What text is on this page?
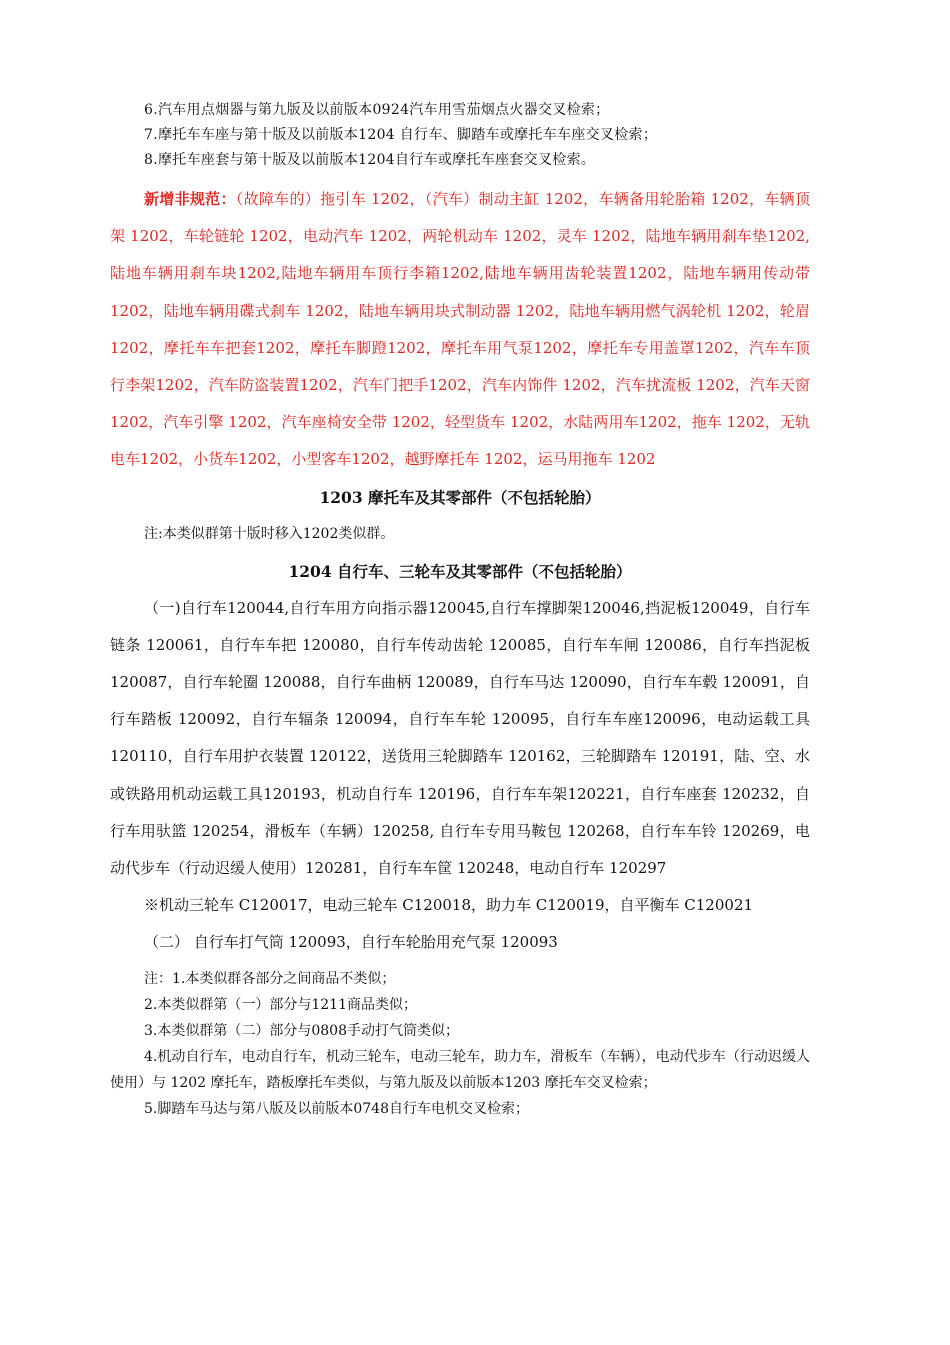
6.汽车用点烟器与第九版及以前版本0924汽车用雪茄烟点火器交叉检索；

7.摩托车车座与第十版及以前版本1204 自行车、脚踏车或摩托车车座交叉检索；

8.摩托车座套与第十版及以前版本1204自行车或摩托车座套交叉检索。

新增非规范：（故障车的）拖引车 1202，（汽车）制动主缸 1202，车辆备用轮胎箱 1202，车辆顶架 1202，车轮链轮 1202，电动汽车 1202，两轮机动车 1202，灵车 1202，陆地车辆用刹车垫1202,陆地车辆用刹车块1202,陆地车辆用车顶行李箱1202,陆地车辆用齿轮装置1202，陆地车辆用传动带 1202，陆地车辆用碟式刹车 1202，陆地车辆用块式制动器 1202，陆地车辆用燃气涡轮机 1202，轮眉 1202，摩托车车把套1202，摩托车脚蹬1202，摩托车用气泵1202，摩托车专用盖罩1202，汽车车顶行李架1202，汽车防盗装置1202，汽车门把手1202，汽车内饰件 1202，汽车扰流板 1202，汽车天窗 1202，汽车引擎 1202，汽车座椅安全带 1202，轻型货车 1202，水陆两用车1202，拖车 1202，无轨电车1202，小货车1202，小型客车1202，越野摩托车 1202，运马用拖车 1202

1203 摩托车及其零部件（不包括轮胎）

注:本类似群第十版时移入1202类似群。

1204 自行车、三轮车及其零部件（不包括轮胎）

（一)自行车120044,自行车用方向指示器120045,自行车撑脚架120046,挡泥板120049，自行车链条 120061，自行车车把 120080，自行车传动齿轮 120085，自行车车闸 120086，自行车挡泥板 120087，自行车轮圈 120088，自行车曲柄 120089，自行车马达 120090，自行车车毂 120091，自行车踏板 120092，自行车辐条 120094，自行车车轮 120095，自行车车座120096，电动运载工具 120110，自行车用护衣装置 120122，送货用三轮脚踏车 120162，三轮脚踏车 120191，陆、空、水或铁路用机动运载工具120193，机动自行车 120196，自行车车架120221，自行车座套 120232，自行车用驮篮 120254，滑板车（车辆）120258, 自行车专用马鞍包 120268，自行车车铃 120269，电动代步车（行动迟缓人使用）120281，自行车车筐 120248，电动自行车 120297

※机动三轮车 C120017，电动三轮车 C120018，助力车 C120019，自平衡车 C120021

（二） 自行车打气筒 120093，自行车轮胎用充气泵 120093

注：1.本类似群各部分之间商品不类似；

2.本类似群第（一）部分与1211商品类似；

3.本类似群第（二）部分与0808手动打气筒类似；

4.机动自行车，电动自行车，机动三轮车，电动三轮车，助力车，滑板车（车辆），电动代步车（行动迟缓人使用）与 1202 摩托车，踏板摩托车类似，与第九版及以前版本1203 摩托车交叉检索；

5.脚踏车马达与第八版及以前版本0748自行车电机交叉检索；
